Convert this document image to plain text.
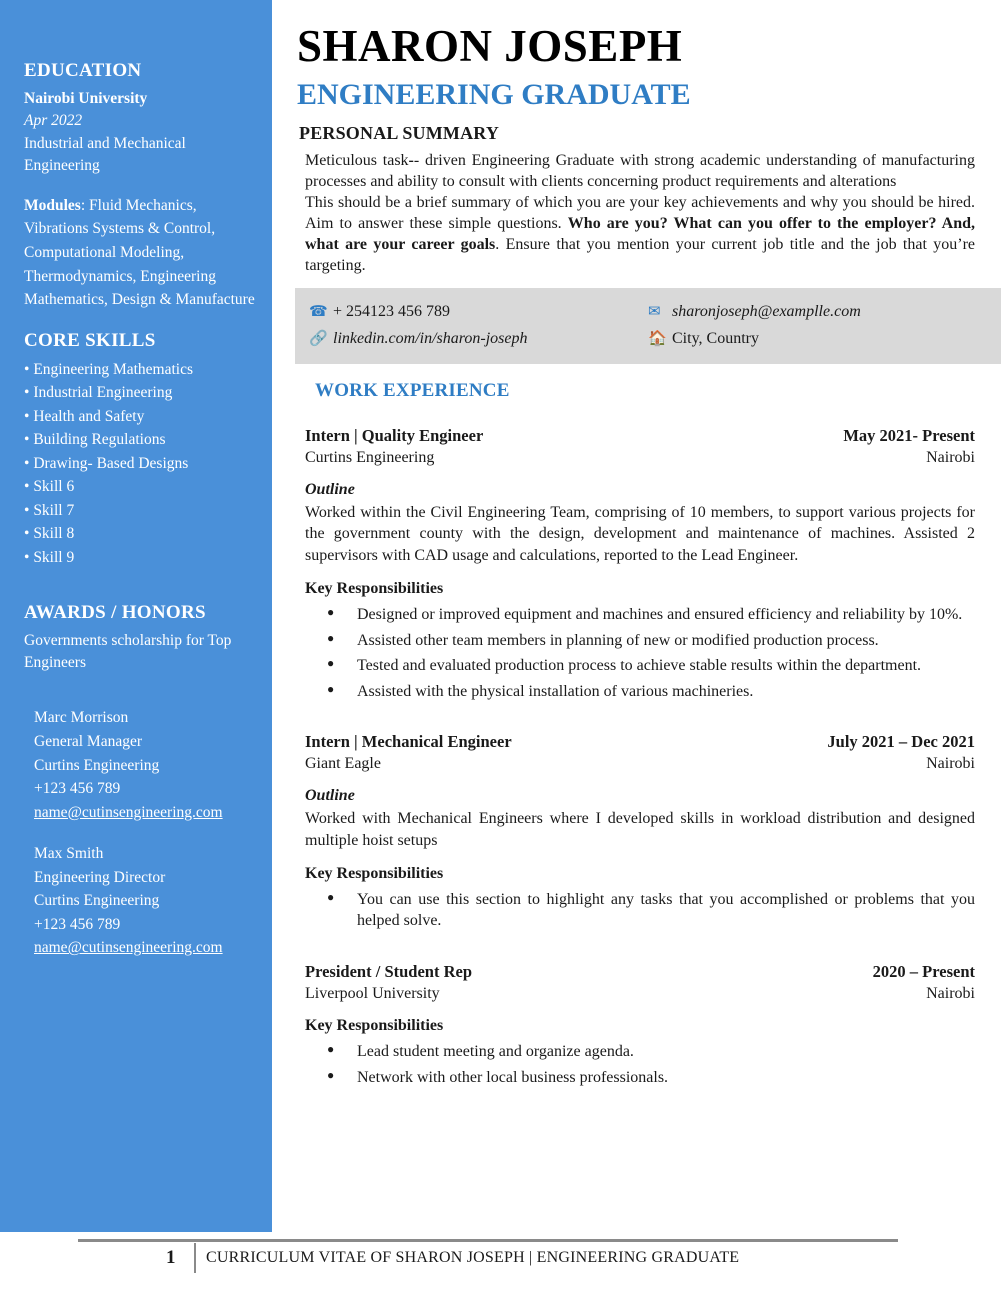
EDUCATION
Nairobi University
Apr 2022
Industrial and Mechanical Engineering
Modules: Fluid Mechanics, Vibrations Systems & Control, Computational Modeling, Thermodynamics, Engineering Mathematics, Design & Manufacture
CORE SKILLS
• Engineering Mathematics
• Industrial Engineering
• Health and Safety
• Building Regulations
• Drawing- Based Designs
• Skill 6
• Skill 7
• Skill 8
• Skill 9
AWARDS / HONORS
Governments scholarship for Top Engineers
Marc Morrison
General Manager
Curtins Engineering
+123 456 789
name@cutinsengineering.com
Max Smith
Engineering Director
Curtins Engineering
+123 456 789
name@cutinsengineering.com
SHARON JOSEPH
ENGINEERING GRADUATE
PERSONAL SUMMARY

Meticulous task-- driven Engineering Graduate with strong academic understanding of manufacturing processes and ability to consult with clients concerning product requirements and alterations

This should be a brief summary of which you are your key achievements and why you should be hired. Aim to answer these simple questions. Who are you? What can you offer to the employer? And, what are your career goals. Ensure that you mention your current job title and the job that you’re targeting.

☎ + 254123 456 789	✉ sharonjoseph@examplle.com
🔗 linkedin.com/in/sharon-joseph	🏠 City, Country
WORK EXPERIENCE
Intern | Quality Engineer	May 2021- Present
Curtins Engineering	Nairobi
Outline

Worked within the Civil Engineering Team, comprising of 10 members, to support various projects for the government county with the design, development and maintenance of machines. Assisted 2 supervisors with CAD usage and calculations, reported to the Lead Engineer.

Key Responsibilities
● Designed or improved equipment and machines and ensured efficiency and reliability by 10%.
● Assisted other team members in planning of new or modified production process.
● Tested and evaluated production process to achieve stable results within the department.
● Assisted with the physical installation of various machineries.
Intern | Mechanical Engineer	July 2021 – Dec 2021
Giant Eagle	Nairobi
Outline

Worked with Mechanical Engineers where I developed skills in workload distribution and designed multiple hoist setups

Key Responsibilities
● You can use this section to highlight any tasks that you accomplished or problems that you helped solve.
President / Student Rep	2020 – Present
Liverpool University	Nairobi
Key Responsibilities
● Lead student meeting and organize agenda.
● Network with other local business professionals.
1 CURRICULUM VITAE OF SHARON JOSEPH | ENGINEERING GRADUATE
